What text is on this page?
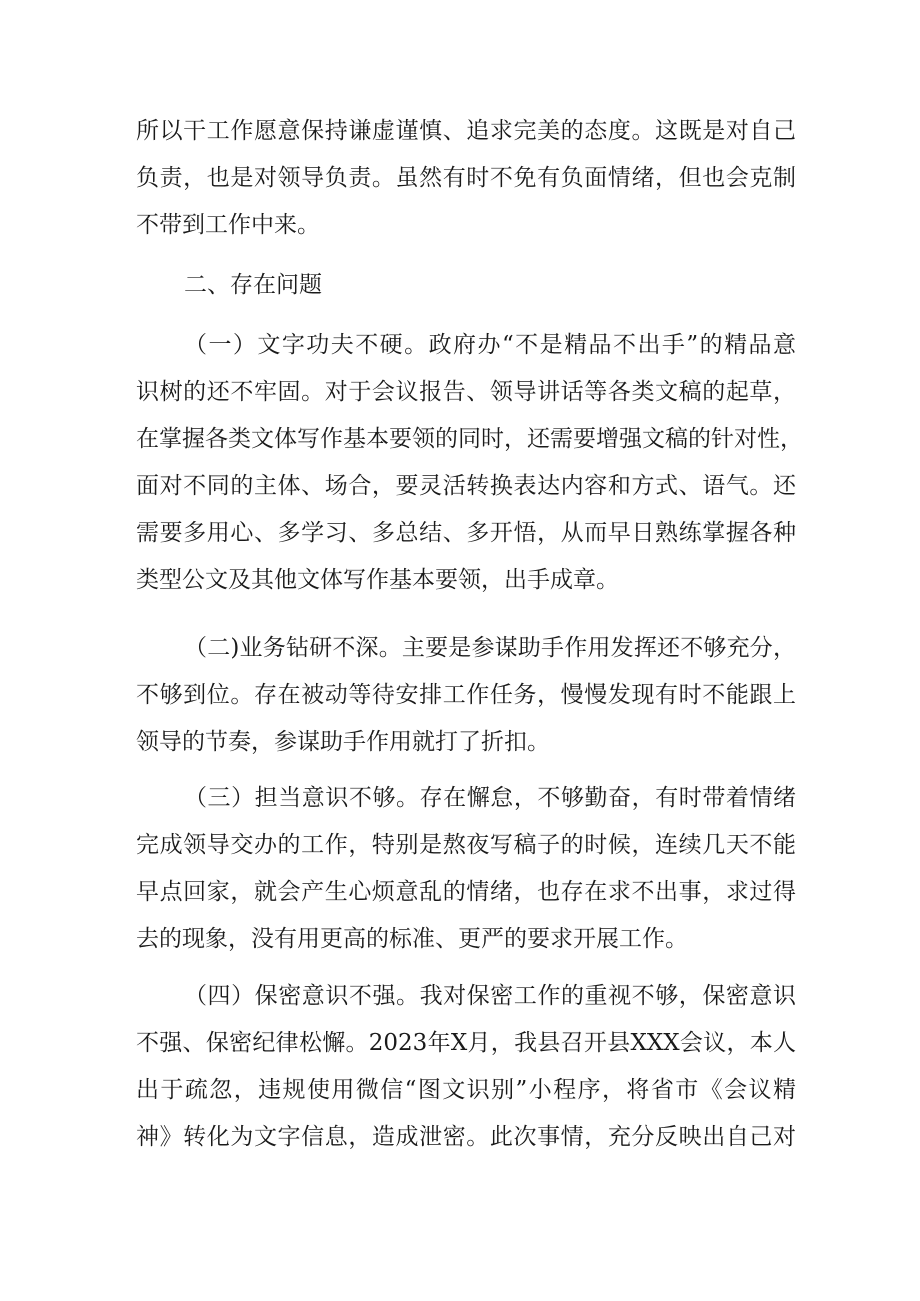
所以干工作愿意保持谦虚谨慎、追求完美的态度。这既是对自己
负责，也是对领导负责。虽然有时不免有负面情绪，但也会克制
不带到工作中来。
二、存在问题
（一）文字功夫不硬。政府办“不是精品不出手”的精品意
识树的还不牢固。对于会议报告、领导讲话等各类文稿的起草，
在掌握各类文体写作基本要领的同时，还需要增强文稿的针对性，
面对不同的主体、场合，要灵活转换表达内容和方式、语气。还
需要多用心、多学习、多总结、多开悟，从而早日熟练掌握各种
类型公文及其他文体写作基本要领，出手成章。
（二)业务钻研不深。主要是参谋助手作用发挥还不够充分，
不够到位。存在被动等待安排工作任务，慢慢发现有时不能跟上
领导的节奏，参谋助手作用就打了折扣。
（三）担当意识不够。存在懈怠，不够勤奋，有时带着情绪
完成领导交办的工作，特别是熬夜写稿子的时候，连续几天不能
早点回家，就会产生心烦意乱的情绪，也存在求不出事，求过得
去的现象，没有用更高的标准、更严的要求开展工作。
（四）保密意识不强。我对保密工作的重视不够，保密意识
不强、保密纪律松懈。2023年X月，我县召开县XXX会议，本人
出于疏忽，违规使用微信“图文识别”小程序，将省市《会议精
神》转化为文字信息，造成泄密。此次事情，充分反映出自己对
